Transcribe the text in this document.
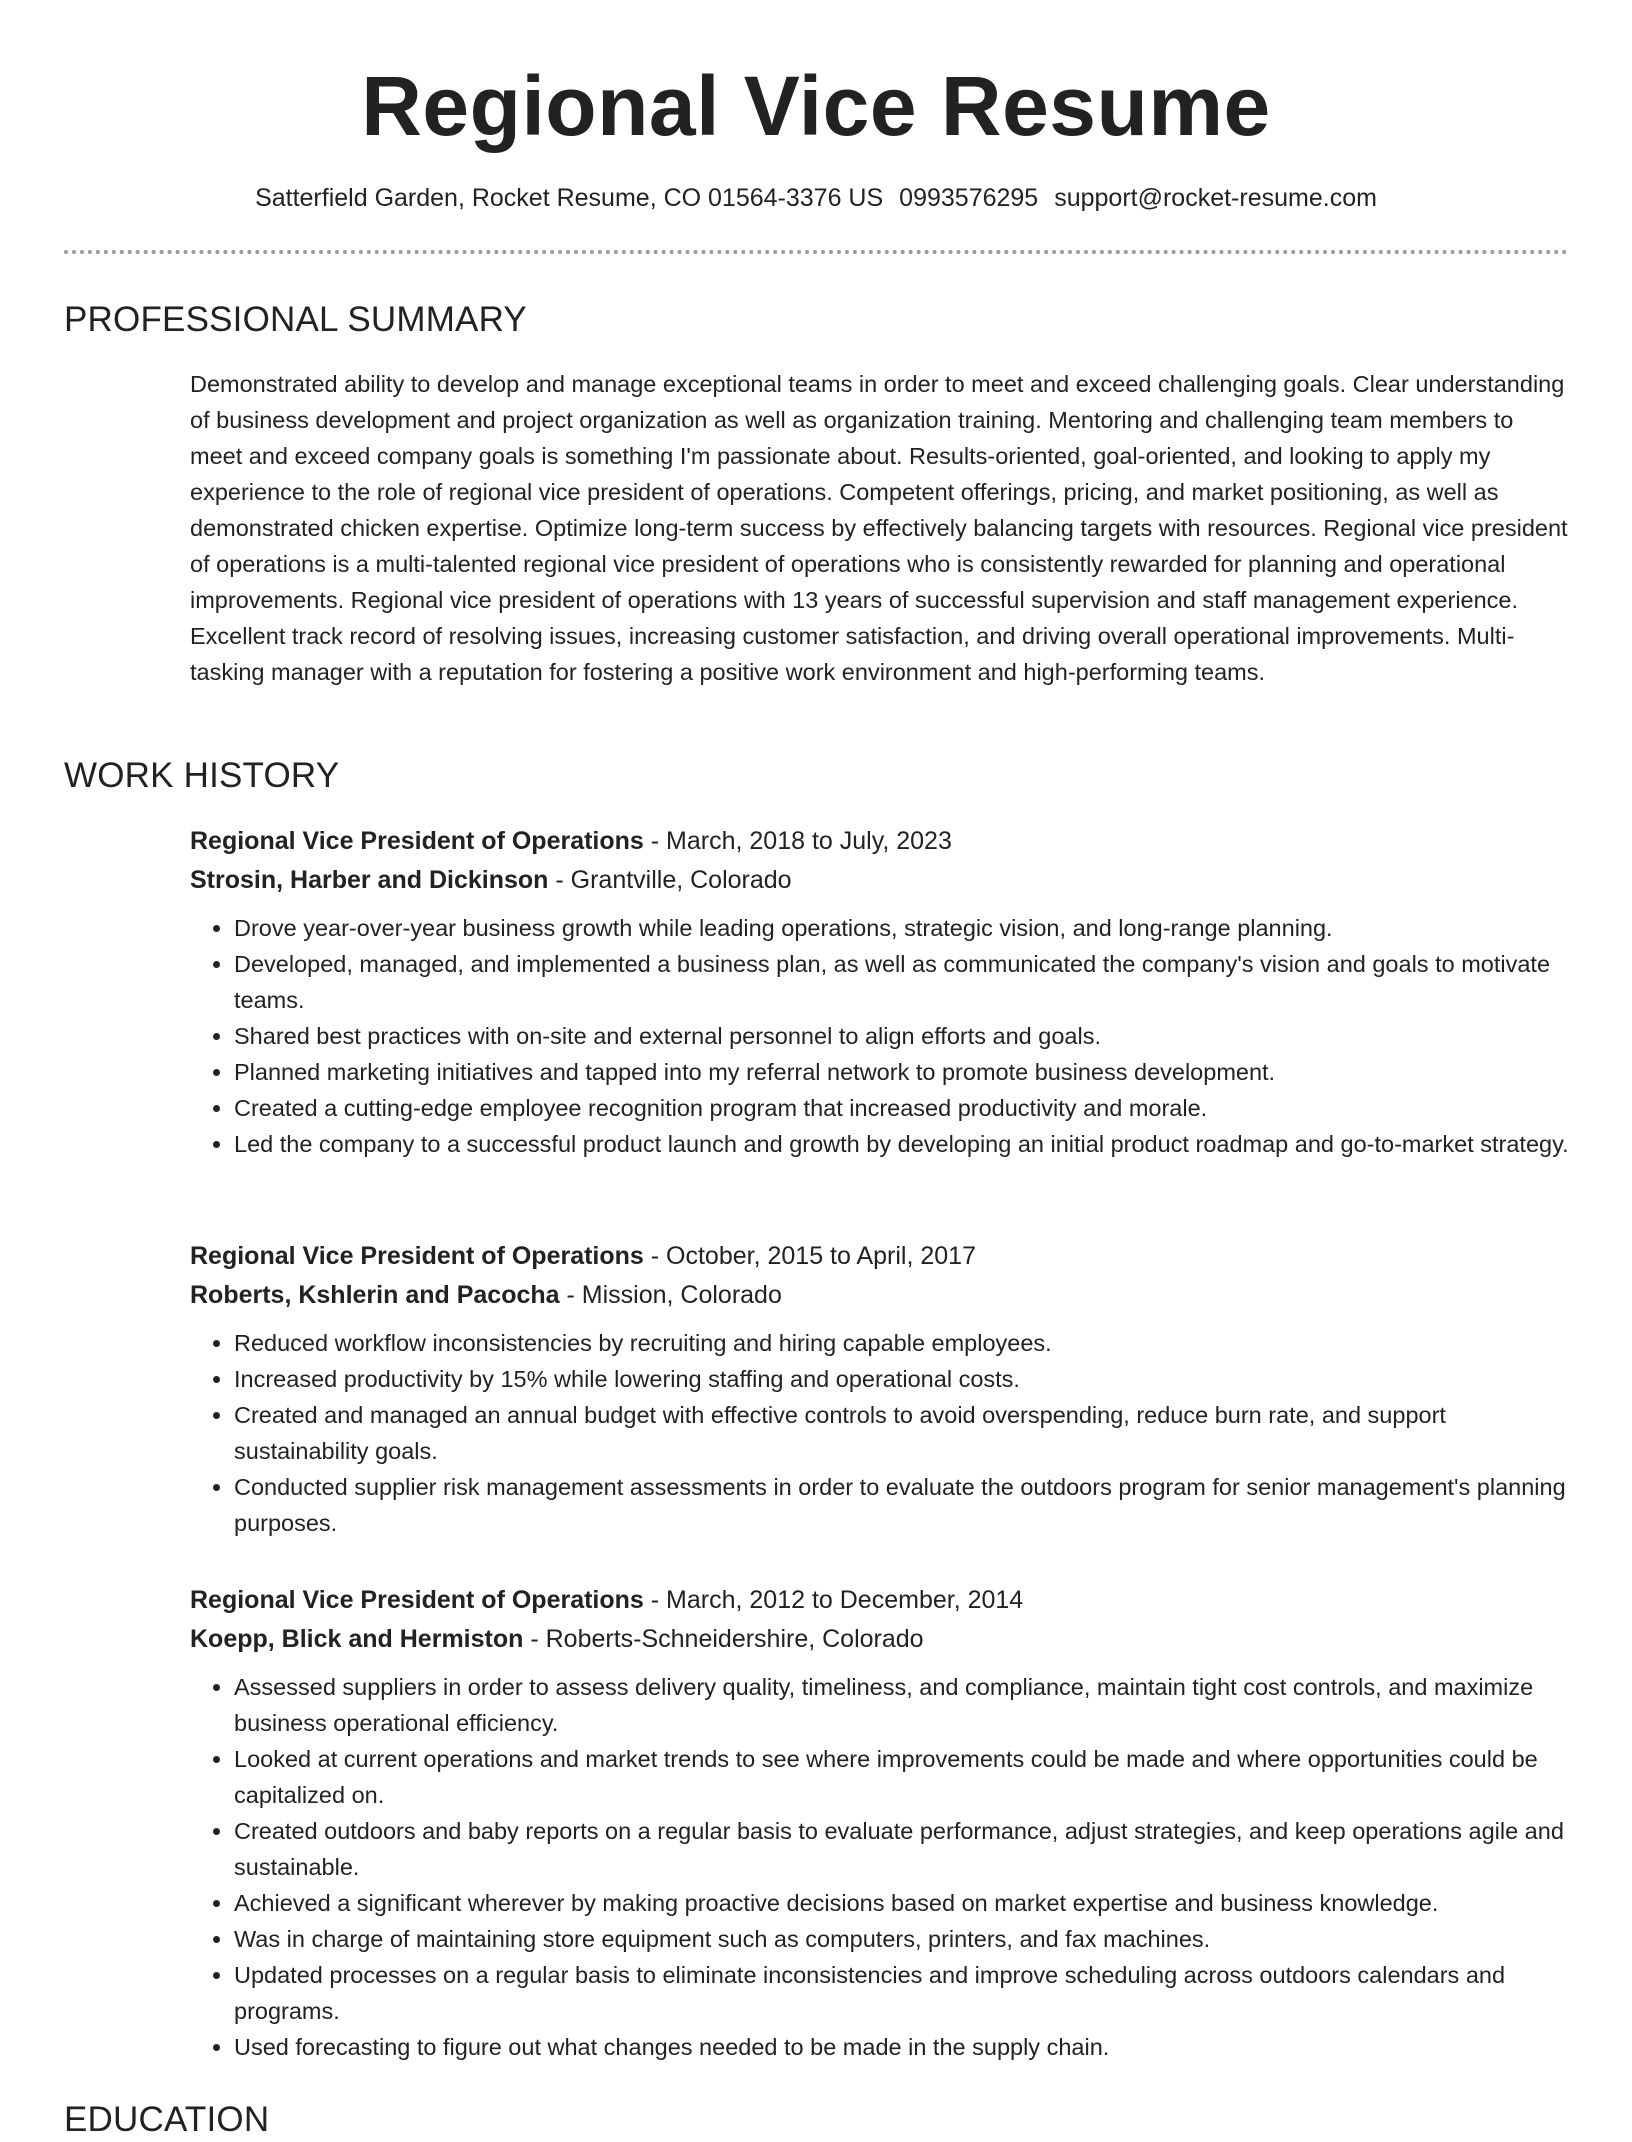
Regional Vice Resume
Satterfield Garden, Rocket Resume, CO 01564-3376 US 0993576295 support@rocket-resume.com
PROFESSIONAL SUMMARY

Demonstrated ability to develop and manage exceptional teams in order to meet and exceed challenging goals. Clear understanding of business development and project organization as well as organization training. Mentoring and challenging team members to meet and exceed company goals is something I'm passionate about. Results-oriented, goal-oriented, and looking to apply my experience to the role of regional vice president of operations. Competent offerings, pricing, and market positioning, as well as demonstrated chicken expertise. Optimize long-term success by effectively balancing targets with resources. Regional vice president of operations is a multi-talented regional vice president of operations who is consistently rewarded for planning and operational improvements. Regional vice president of operations with 13 years of successful supervision and staff management experience. Excellent track record of resolving issues, increasing customer satisfaction, and driving overall operational improvements. Multi-tasking manager with a reputation for fostering a positive work environment and high-performing teams.

WORK HISTORY
Regional Vice President of Operations - March, 2018 to July, 2023
Strosin, Harber and Dickinson - Grantville, Colorado
• Drove year-over-year business growth while leading operations, strategic vision, and long-range planning.
• Developed, managed, and implemented a business plan, as well as communicated the company's vision and goals to motivate teams.
• Shared best practices with on-site and external personnel to align efforts and goals.
• Planned marketing initiatives and tapped into my referral network to promote business development.
• Created a cutting-edge employee recognition program that increased productivity and morale.
• Led the company to a successful product launch and growth by developing an initial product roadmap and go-to-market strategy.
Regional Vice President of Operations - October, 2015 to April, 2017
Roberts, Kshlerin and Pacocha - Mission, Colorado
• Reduced workflow inconsistencies by recruiting and hiring capable employees.
• Increased productivity by 15% while lowering staffing and operational costs.
• Created and managed an annual budget with effective controls to avoid overspending, reduce burn rate, and support sustainability goals.
• Conducted supplier risk management assessments in order to evaluate the outdoors program for senior management's planning purposes.
Regional Vice President of Operations - March, 2012 to December, 2014
Koepp, Blick and Hermiston - Roberts-Schneidershire, Colorado
• Assessed suppliers in order to assess delivery quality, timeliness, and compliance, maintain tight cost controls, and maximize business operational efficiency.
• Looked at current operations and market trends to see where improvements could be made and where opportunities could be capitalized on.
• Created outdoors and baby reports on a regular basis to evaluate performance, adjust strategies, and keep operations agile and sustainable.
• Achieved a significant wherever by making proactive decisions based on market expertise and business knowledge.
• Was in charge of maintaining store equipment such as computers, printers, and fax machines.
• Updated processes on a regular basis to eliminate inconsistencies and improve scheduling across outdoors calendars and programs.
• Used forecasting to figure out what changes needed to be made in the supply chain.
EDUCATION
